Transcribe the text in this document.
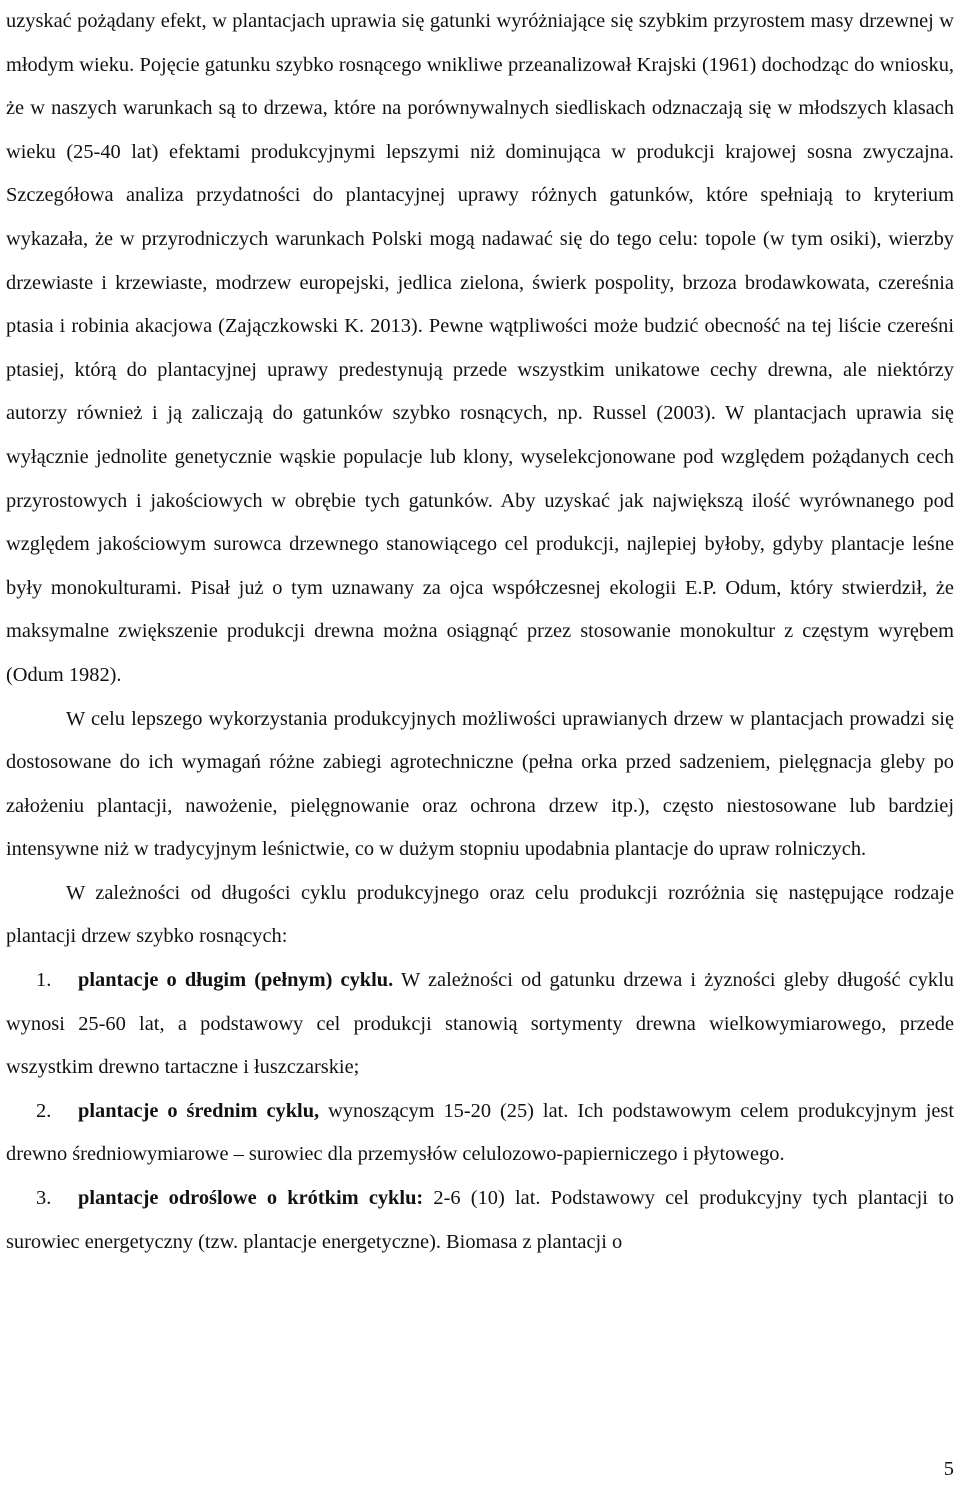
uzyskać pożądany efekt, w plantacjach uprawia się gatunki wyróżniające się szybkim przyrostem masy drzewnej w młodym wieku. Pojęcie gatunku szybko rosnącego wnikliwe przeanalizował Krajski (1961) dochodząc do wniosku, że w naszych warunkach są to drzewa, które na porównywalnych siedliskach odznaczają się w młodszych klasach wieku (25-40 lat) efektami produkcyjnymi lepszymi niż dominująca w produkcji krajowej sosna zwyczajna. Szczegółowa analiza przydatności do plantacyjnej uprawy różnych gatunków, które spełniają to kryterium wykazała, że w przyrodniczych warunkach Polski mogą nadawać się do tego celu: topole (w tym osiki), wierzby drzewiaste i krzewiaste, modrzew europejski, jedlica zielona, świerk pospolity, brzoza brodawkowata, czereśnia ptasia i robinia akacjowa (Zajączkowski K. 2013). Pewne wątpliwości może budzić obecność na tej liście czereśni ptasiej, którą do plantacyjnej uprawy predestynują przede wszystkim unikatowe cechy drewna, ale niektórzy autorzy również i ją zaliczają do gatunków szybko rosnących, np. Russel (2003). W plantacjach uprawia się wyłącznie jednolite genetycznie wąskie populacje lub klony, wyselekcjonowane pod względem pożądanych cech przyrostowych i jakościowych w obrębie tych gatunków. Aby uzyskać jak największą ilość wyrównanego pod względem jakościowym surowca drzewnego stanowiącego cel produkcji, najlepiej byłoby, gdyby plantacje leśne były monokulturami. Pisał już o tym uznawany za ojca współczesnej ekologii E.P. Odum, który stwierdził, że maksymalne zwiększenie produkcji drewna można osiągnąć przez stosowanie monokultur z częstym wyrębem (Odum 1982).

W celu lepszego wykorzystania produkcyjnych możliwości uprawianych drzew w plantacjach prowadzi się dostosowane do ich wymagań różne zabiegi agrotechniczne (pełna orka przed sadzeniem, pielęgnacja gleby po założeniu plantacji, nawożenie, pielęgnowanie oraz ochrona drzew itp.), często niestosowane lub bardziej intensywne niż w tradycyjnym leśnictwie, co w dużym stopniu upodabnia plantacje do upraw rolniczych.

W zależności od długości cyklu produkcyjnego oraz celu produkcji rozróżnia się następujące rodzaje plantacji drzew szybko rosnących:

1. plantacje o długim (pełnym) cyklu. W zależności od gatunku drzewa i żyzności gleby długość cyklu wynosi 25-60 lat, a podstawowy cel produkcji stanowią sortymenty drewna wielkowymiarowego, przede wszystkim drewno tartaczne i łuszczarskie;

2. plantacje o średnim cyklu, wynoszącym 15-20 (25) lat. Ich podstawowym celem produkcyjnym jest drewno średniowymiarowe – surowiec dla przemysłów celulozowo-papierniczego i płytowego.

3. plantacje odroślowe o krótkim cyklu: 2-6 (10) lat. Podstawowy cel produkcyjny tych plantacji to surowiec energetyczny (tzw. plantacje energetyczne). Biomasa z plantacji o

5
